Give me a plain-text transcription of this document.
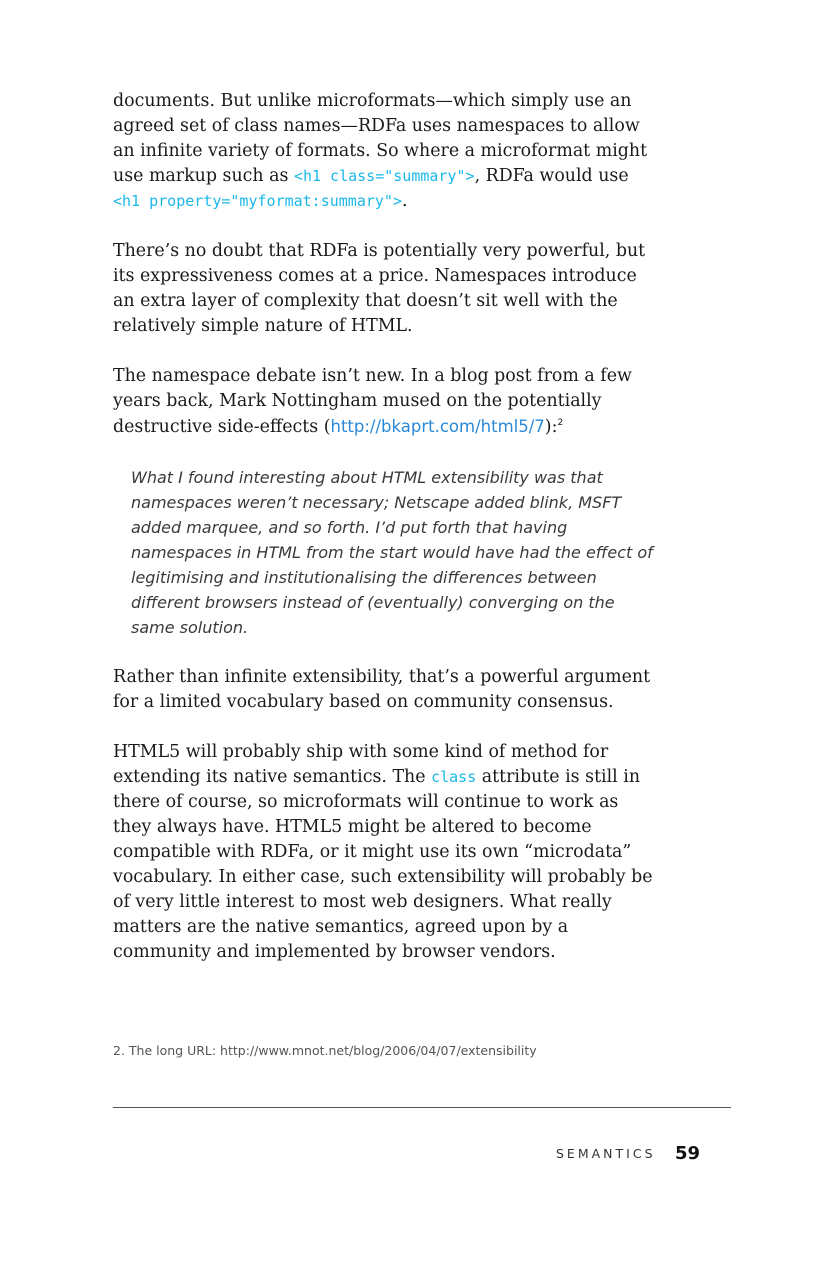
documents. But unlike microformats—which simply use an agreed set of class names—RDFa uses namespaces to allow an infinite variety of formats. So where a microformat might use markup such as <h1 class="summary">, RDFa would use <h1 property="myformat:summary">.

There’s no doubt that RDFa is potentially very powerful, but its expressiveness comes at a price. Namespaces introduce an extra layer of complexity that doesn’t sit well with the relatively simple nature of HTML.

The namespace debate isn’t new. In a blog post from a few years back, Mark Nottingham mused on the potentially destructive side-effects (http://bkaprt.com/html5/7):$^2$

What I found interesting about HTML extensibility was that namespaces weren’t necessary; Netscape added blink, MSFT added marquee, and so forth. I’d put forth that having namespaces in HTML from the start would have had the effect of legitimising and institutionalising the differences between different browsers instead of (eventually) converging on the same solution.

Rather than infinite extensibility, that’s a powerful argument for a limited vocabulary based on community consensus.

HTML5 will probably ship with some kind of method for extending its native semantics. The class attribute is still in there of course, so microformats will continue to work as they always have. HTML5 might be altered to become compatible with RDFa, or it might use its own “microdata” vocabulary. In either case, such extensibility will probably be of very little interest to most web designers. What really matters are the native semantics, agreed upon by a community and implemented by browser vendors.

2. The long URL: http://www.mnot.net/blog/2006/04/07/extensibility
SEMANTICS 59
